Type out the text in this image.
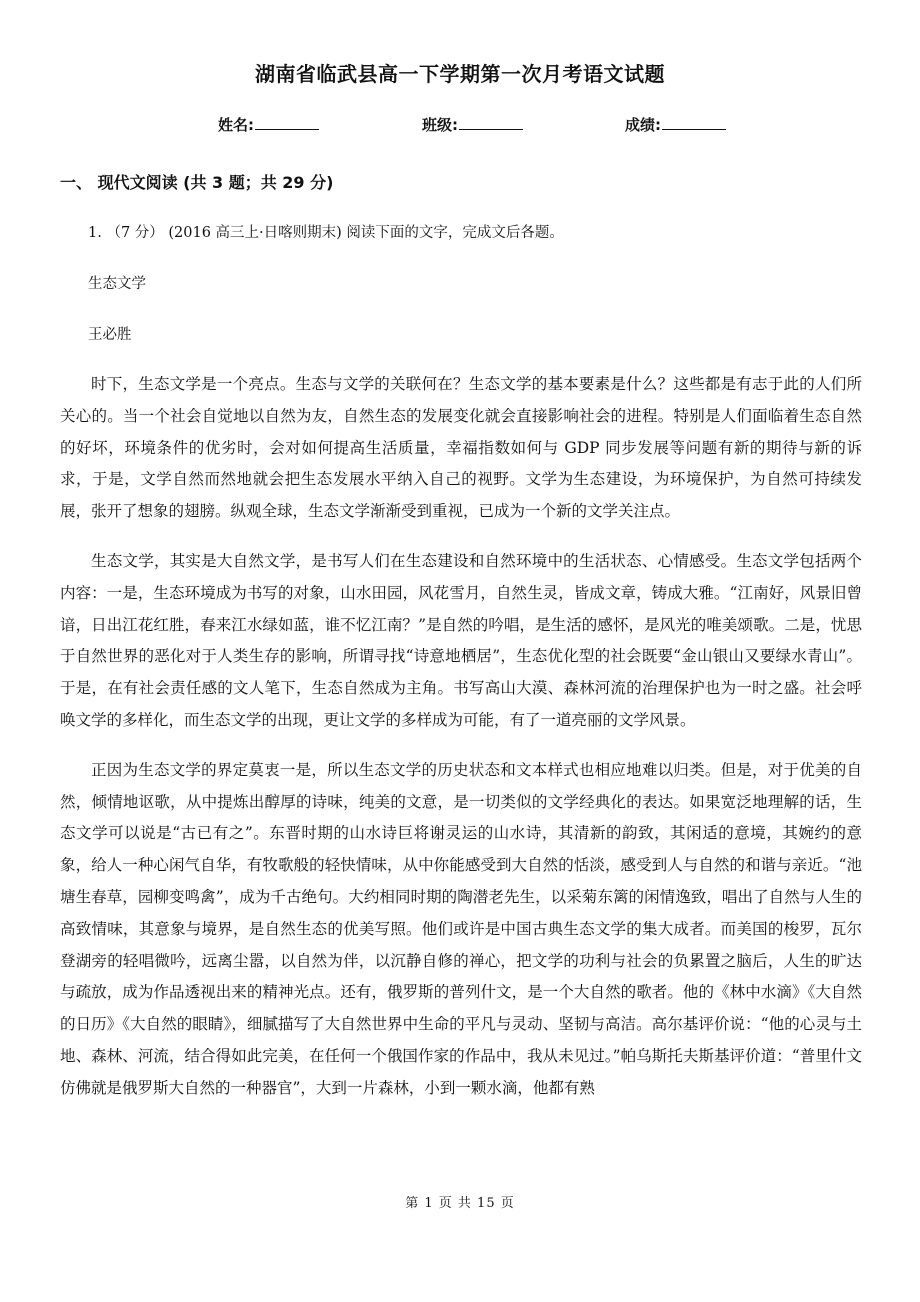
湖南省临武县高一下学期第一次月考语文试题
姓名:	班级:	成绩:
一、 现代文阅读 (共 3 题；共 29 分)
1. （7 分） (2016 高三上·日喀则期末) 阅读下面的文字，完成文后各题。
生态文学
王必胜

时下，生态文学是一个亮点。生态与文学的关联何在？生态文学的基本要素是什么？这些都是有志于此的人们所关心的。当一个社会自觉地以自然为友，自然生态的发展变化就会直接影响社会的进程。特别是人们面临着生态自然的好坏，环境条件的优劣时，会对如何提高生活质量，幸福指数如何与 GDP 同步发展等问题有新的期待与新的诉求，于是，文学自然而然地就会把生态发展水平纳入自己的视野。文学为生态建设，为环境保护，为自然可持续发展，张开了想象的翅膀。纵观全球，生态文学渐渐受到重视，已成为一个新的文学关注点。

生态文学，其实是大自然文学，是书写人们在生态建设和自然环境中的生活状态、心情感受。生态文学包括两个内容：一是，生态环境成为书写的对象，山水田园，风花雪月，自然生灵，皆成文章，铸成大雅。“江南好，风景旧曾谙，日出江花红胜，春来江水绿如蓝，谁不忆江南？”是自然的吟唱，是生活的感怀，是风光的唯美颂歌。二是，忧思于自然世界的恶化对于人类生存的影响，所谓寻找“诗意地栖居”，生态优化型的社会既要“金山银山又要绿水青山”。于是，在有社会责任感的文人笔下，生态自然成为主角。书写高山大漠、森林河流的治理保护也为一时之盛。社会呼唤文学的多样化，而生态文学的出现，更让文学的多样成为可能，有了一道亮丽的文学风景。

正因为生态文学的界定莫衷一是，所以生态文学的历史状态和文本样式也相应地难以归类。但是，对于优美的自然，倾情地讴歌，从中提炼出醇厚的诗味，纯美的文意，是一切类似的文学经典化的表达。如果宽泛地理解的话，生态文学可以说是“古已有之”。东晋时期的山水诗巨将谢灵运的山水诗，其清新的韵致，其闲适的意境，其婉约的意象，给人一种心闲气自华，有牧歌般的轻快情味，从中你能感受到大自然的恬淡，感受到人与自然的和谐与亲近。“池塘生春草，园柳变鸣禽”，成为千古绝句。大约相同时期的陶潜老先生，以采菊东篱的闲情逸致，唱出了自然与人生的高致情味，其意象与境界，是自然生态的优美写照。他们或许是中国古典生态文学的集大成者。而美国的梭罗，瓦尔登湖旁的轻唱微吟，远离尘嚣，以自然为伴，以沉静自修的禅心，把文学的功利与社会的负累置之脑后，人生的旷达与疏放，成为作品透视出来的精神光点。还有，俄罗斯的普列什文，是一个大自然的歌者。他的《林中水滴》《大自然的日历》《大自然的眼睛》，细腻描写了大自然世界中生命的平凡与灵动、坚韧与高洁。高尔基评价说：“他的心灵与土地、森林、河流，结合得如此完美，在任何一个俄国作家的作品中，我从未见过。”帕乌斯托夫斯基评价道：“普里什文仿佛就是俄罗斯大自然的一种器官”，大到一片森林，小到一颗水滴，他都有熟

第 1 页 共 15 页
